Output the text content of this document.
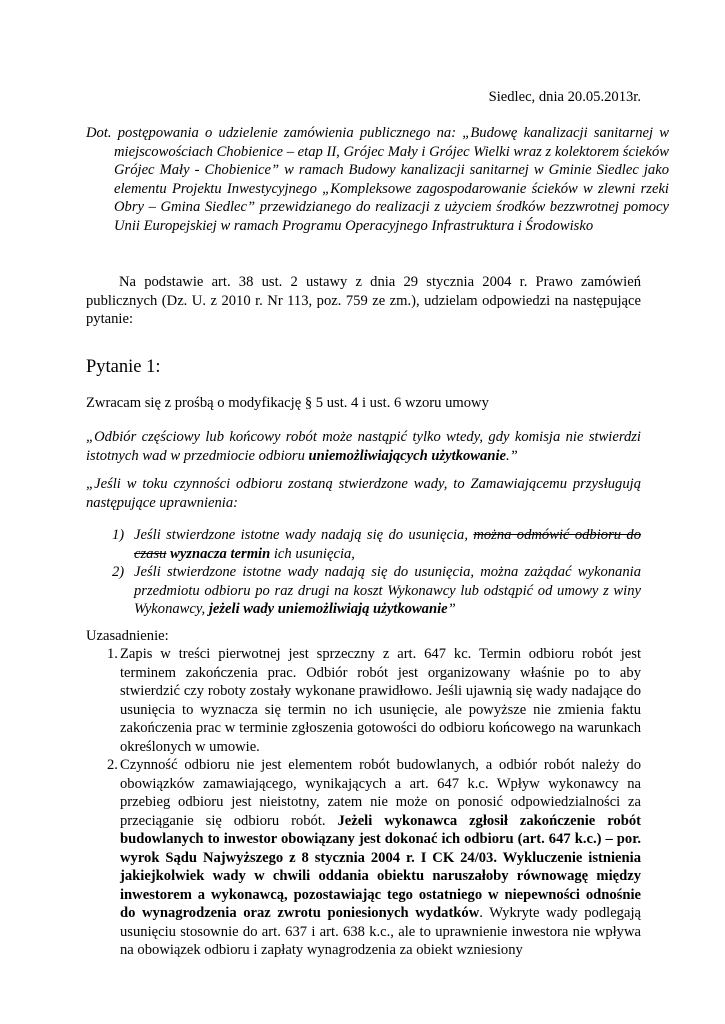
Siedlec, dnia 20.05.2013r.

Dot. postępowania o udzielenie zamówienia publicznego na: „Budowę kanalizacji sanitarnej w miejscowościach Chobienice – etap II, Grójec Mały i Grójec Wielki wraz z kolektorem ścieków Grójec Mały - Chobienice” w ramach Budowy kanalizacji sanitarnej w Gminie Siedlec jako elementu Projektu Inwestycyjnego „Kompleksowe zagospodarowanie ścieków w zlewni rzeki Obry – Gmina Siedlec” przewidzianego do realizacji z użyciem środków bezzwrotnej pomocy Unii Europejskiej w ramach Programu Operacyjnego Infrastruktura i Środowisko

Na podstawie art. 38 ust. 2 ustawy z dnia 29 stycznia 2004 r. Prawo zamówień publicznych (Dz. U. z 2010 r. Nr 113, poz. 759 ze zm.), udzielam odpowiedzi na następujące pytanie:

Pytanie 1:

Zwracam się z prośbą o modyfikację § 5 ust. 4 i ust. 6 wzoru umowy

„Odbiór częściowy lub końcowy robót może nastąpić tylko wtedy, gdy komisja nie stwierdzi istotnych wad w przedmiocie odbioru uniemożliwiających użytkowanie.”

„Jeśli w toku czynności odbioru zostaną stwierdzone wady, to Zamawiającemu przysługują następujące uprawnienia:

1) Jeśli stwierdzone istotne wady nadają się do usunięcia, można odmówić odbioru do czasu wyznacza termin ich usunięcia,
2) Jeśli stwierdzone istotne wady nadają się do usunięcia, można zażądać wykonania przedmiotu odbioru po raz drugi na koszt Wykonawcy lub odstąpić od umowy z winy Wykonawcy, jeżeli wady uniemożliwiają użytkowanie”

Uzasadnienie:

1. Zapis w treści pierwotnej jest sprzeczny z art. 647 kc. Termin odbioru robót jest terminem zakończenia prac. Odbiór robót jest organizowany właśnie po to aby stwierdzić czy roboty zostały wykonane prawidłowo. Jeśli ujawnią się wady nadające do usunięcia to wyznacza się termin no ich usunięcie, ale powyższe nie zmienia faktu zakończenia prac w terminie zgłoszenia gotowości do odbioru końcowego na warunkach określonych w umowie.
2. Czynność odbioru nie jest elementem robót budowlanych, a odbiór robót należy do obowiązków zamawiającego, wynikających a art. 647 k.c. Wpływ wykonawcy na przebieg odbioru jest nieistotny, zatem nie może on ponosić odpowiedzialności za przeciąganie się odbioru robót. Jeżeli wykonawca zgłosił zakończenie robót budowlanych to inwestor obowiązany jest dokonać ich odbioru (art. 647 k.c.) – por. wyrok Sądu Najwyższego z 8 stycznia 2004 r. I CK 24/03. Wykluczenie istnienia jakiejkolwiek wady w chwili oddania obiektu naruszałoby równowagę między inwestorem a wykonawcą, pozostawiając tego ostatniego w niepewności odnośnie do wynagrodzenia oraz zwrotu poniesionych wydatków. Wykryte wady podlegają usunięciu stosownie do art. 637 i art. 638 k.c., ale to uprawnienie inwestora nie wpływa na obowiązek odbioru i zapłaty wynagrodzenia za obiekt wzniesiony
